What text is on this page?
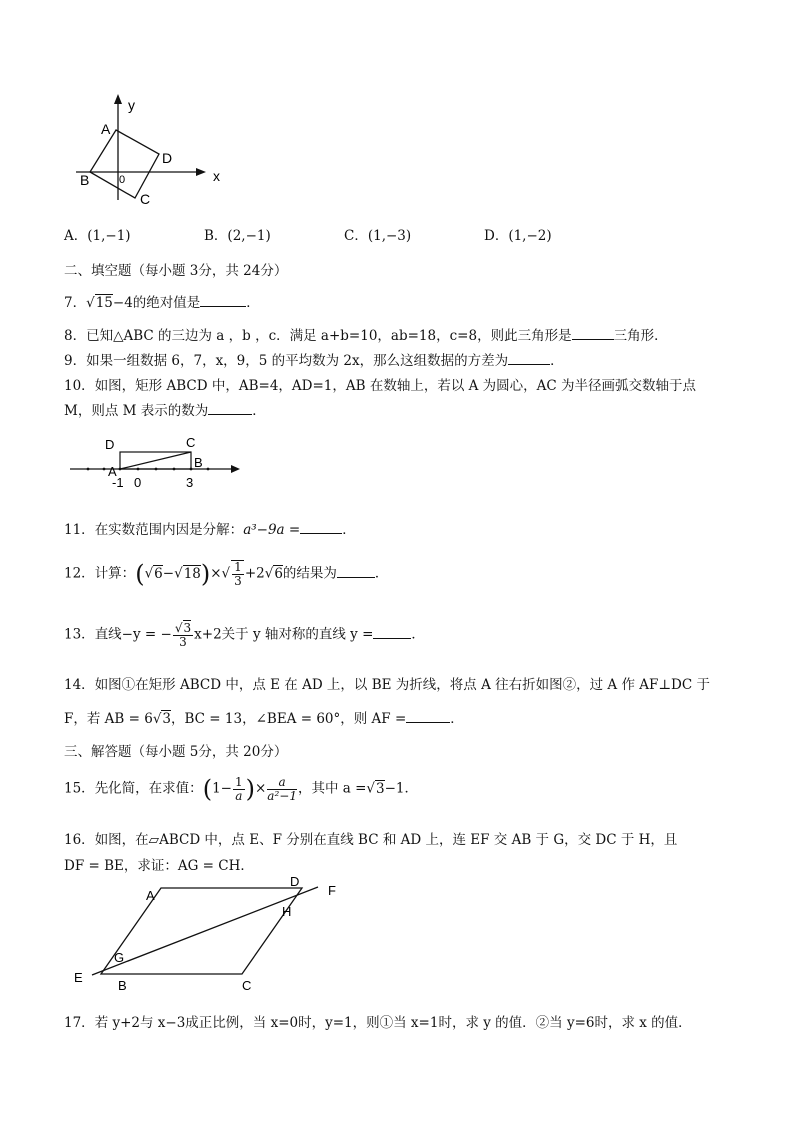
y
x
A
B
C
D
0
A．(1,−1)	B．(2,−1)	C．(1,−3)	D．(1,−2)
二、填空题（每小题 3分，共 24分）
7．√15−4的绝对值是	．
8．已知△ABC 的三边为 a ，b ，c．满足 a+b=10，ab=18，c=8，则此三角形是	三角形．
9．如果一组数据 6，7，x，9，5 的平均数为 2x，那么这组数据的方差为	．
10．如图，矩形 ABCD 中，AB=4，AD=1，AB 在数轴上，若以 A 为圆心，AC 为半径画弧交数轴于点
M，则点 M 表示的数为	．
D	C
A
B
-1 0	3
11．在实数范围内因是分解：a³−9a =	．
12．计算：$(√6-√18)\times√ \frac{1}{3} +2√6$的结果为	．
13．直线−y = − $\frac{√3}{3} x+2$关于 y 轴对称的直线 y =	．
14．如图①在矩形 ABCD 中，点 E 在 AD 上，以 BE 为折线，将点 A 往右折如图②，过 A 作 AF⊥DC 于
F，若 AB = 6√3，BC = 13，∠BEA = 60°，则 AF =	．
三、解答题（每小题 5分，共 20分）
15．先化简，在求值：($1- \frac{1}{a}$ )× $\frac{a}{\text{a²−1}}$ ，其中 a =√3−1．
16．如图，在▱ABCD 中，点 E、F 分别在直线 BC 和 AD 上，连 EF 交 AB 于 G，交 DC 于 H，且
DF = BE，求证：AG = CH．
A
D
F
H
G
E
B	C
17．若 y+2与 x−3成正比例，当 x=0时，y=1，则①当 x=1时，求 y 的值．②当 y=6时，求 x 的值．
